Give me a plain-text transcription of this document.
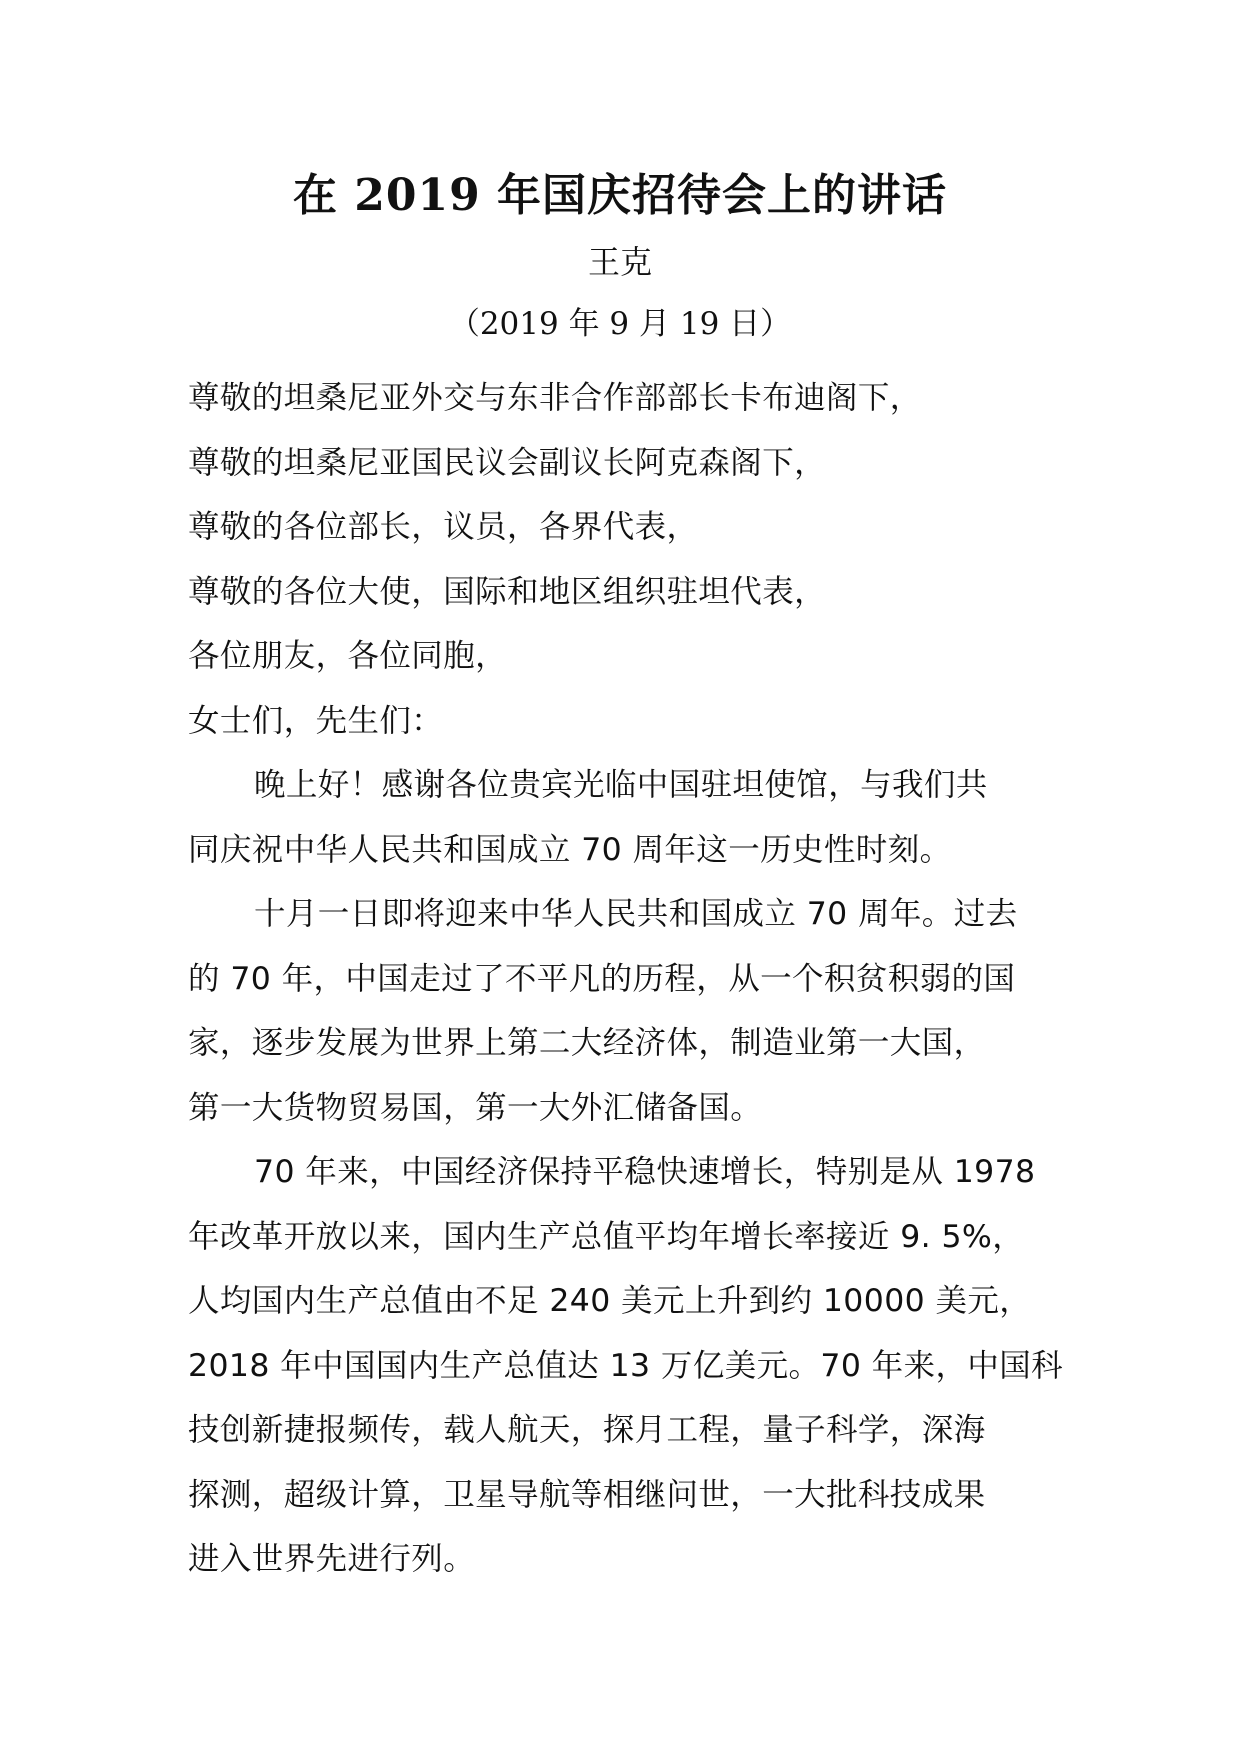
在 2019 年国庆招待会上的讲话
王克
（2019 年 9 月 19 日）
尊敬的坦桑尼亚外交与东非合作部部长卡布迪阁下，
尊敬的坦桑尼亚国民议会副议长阿克森阁下，
尊敬的各位部长，议员，各界代表，
尊敬的各位大使，国际和地区组织驻坦代表，
各位朋友，各位同胞，
女士们，先生们：
晚上好！感谢各位贵宾光临中国驻坦使馆，与我们共
同庆祝中华人民共和国成立 70 周年这一历史性时刻。
十月一日即将迎来中华人民共和国成立 70 周年。过去
的 70 年，中国走过了不平凡的历程，从一个积贫积弱的国
家，逐步发展为世界上第二大经济体，制造业第一大国，
第一大货物贸易国，第一大外汇储备国。
70 年来，中国经济保持平稳快速增长，特别是从 1978
年改革开放以来，国内生产总值平均年增长率接近 9. 5%，
人均国内生产总值由不足 240 美元上升到约 10000 美元，
2018 年中国国内生产总值达 13 万亿美元。70 年来，中国科
技创新捷报频传，载人航天，探月工程，量子科学，深海
探测，超级计算，卫星导航等相继问世，一大批科技成果
进入世界先进行列。
